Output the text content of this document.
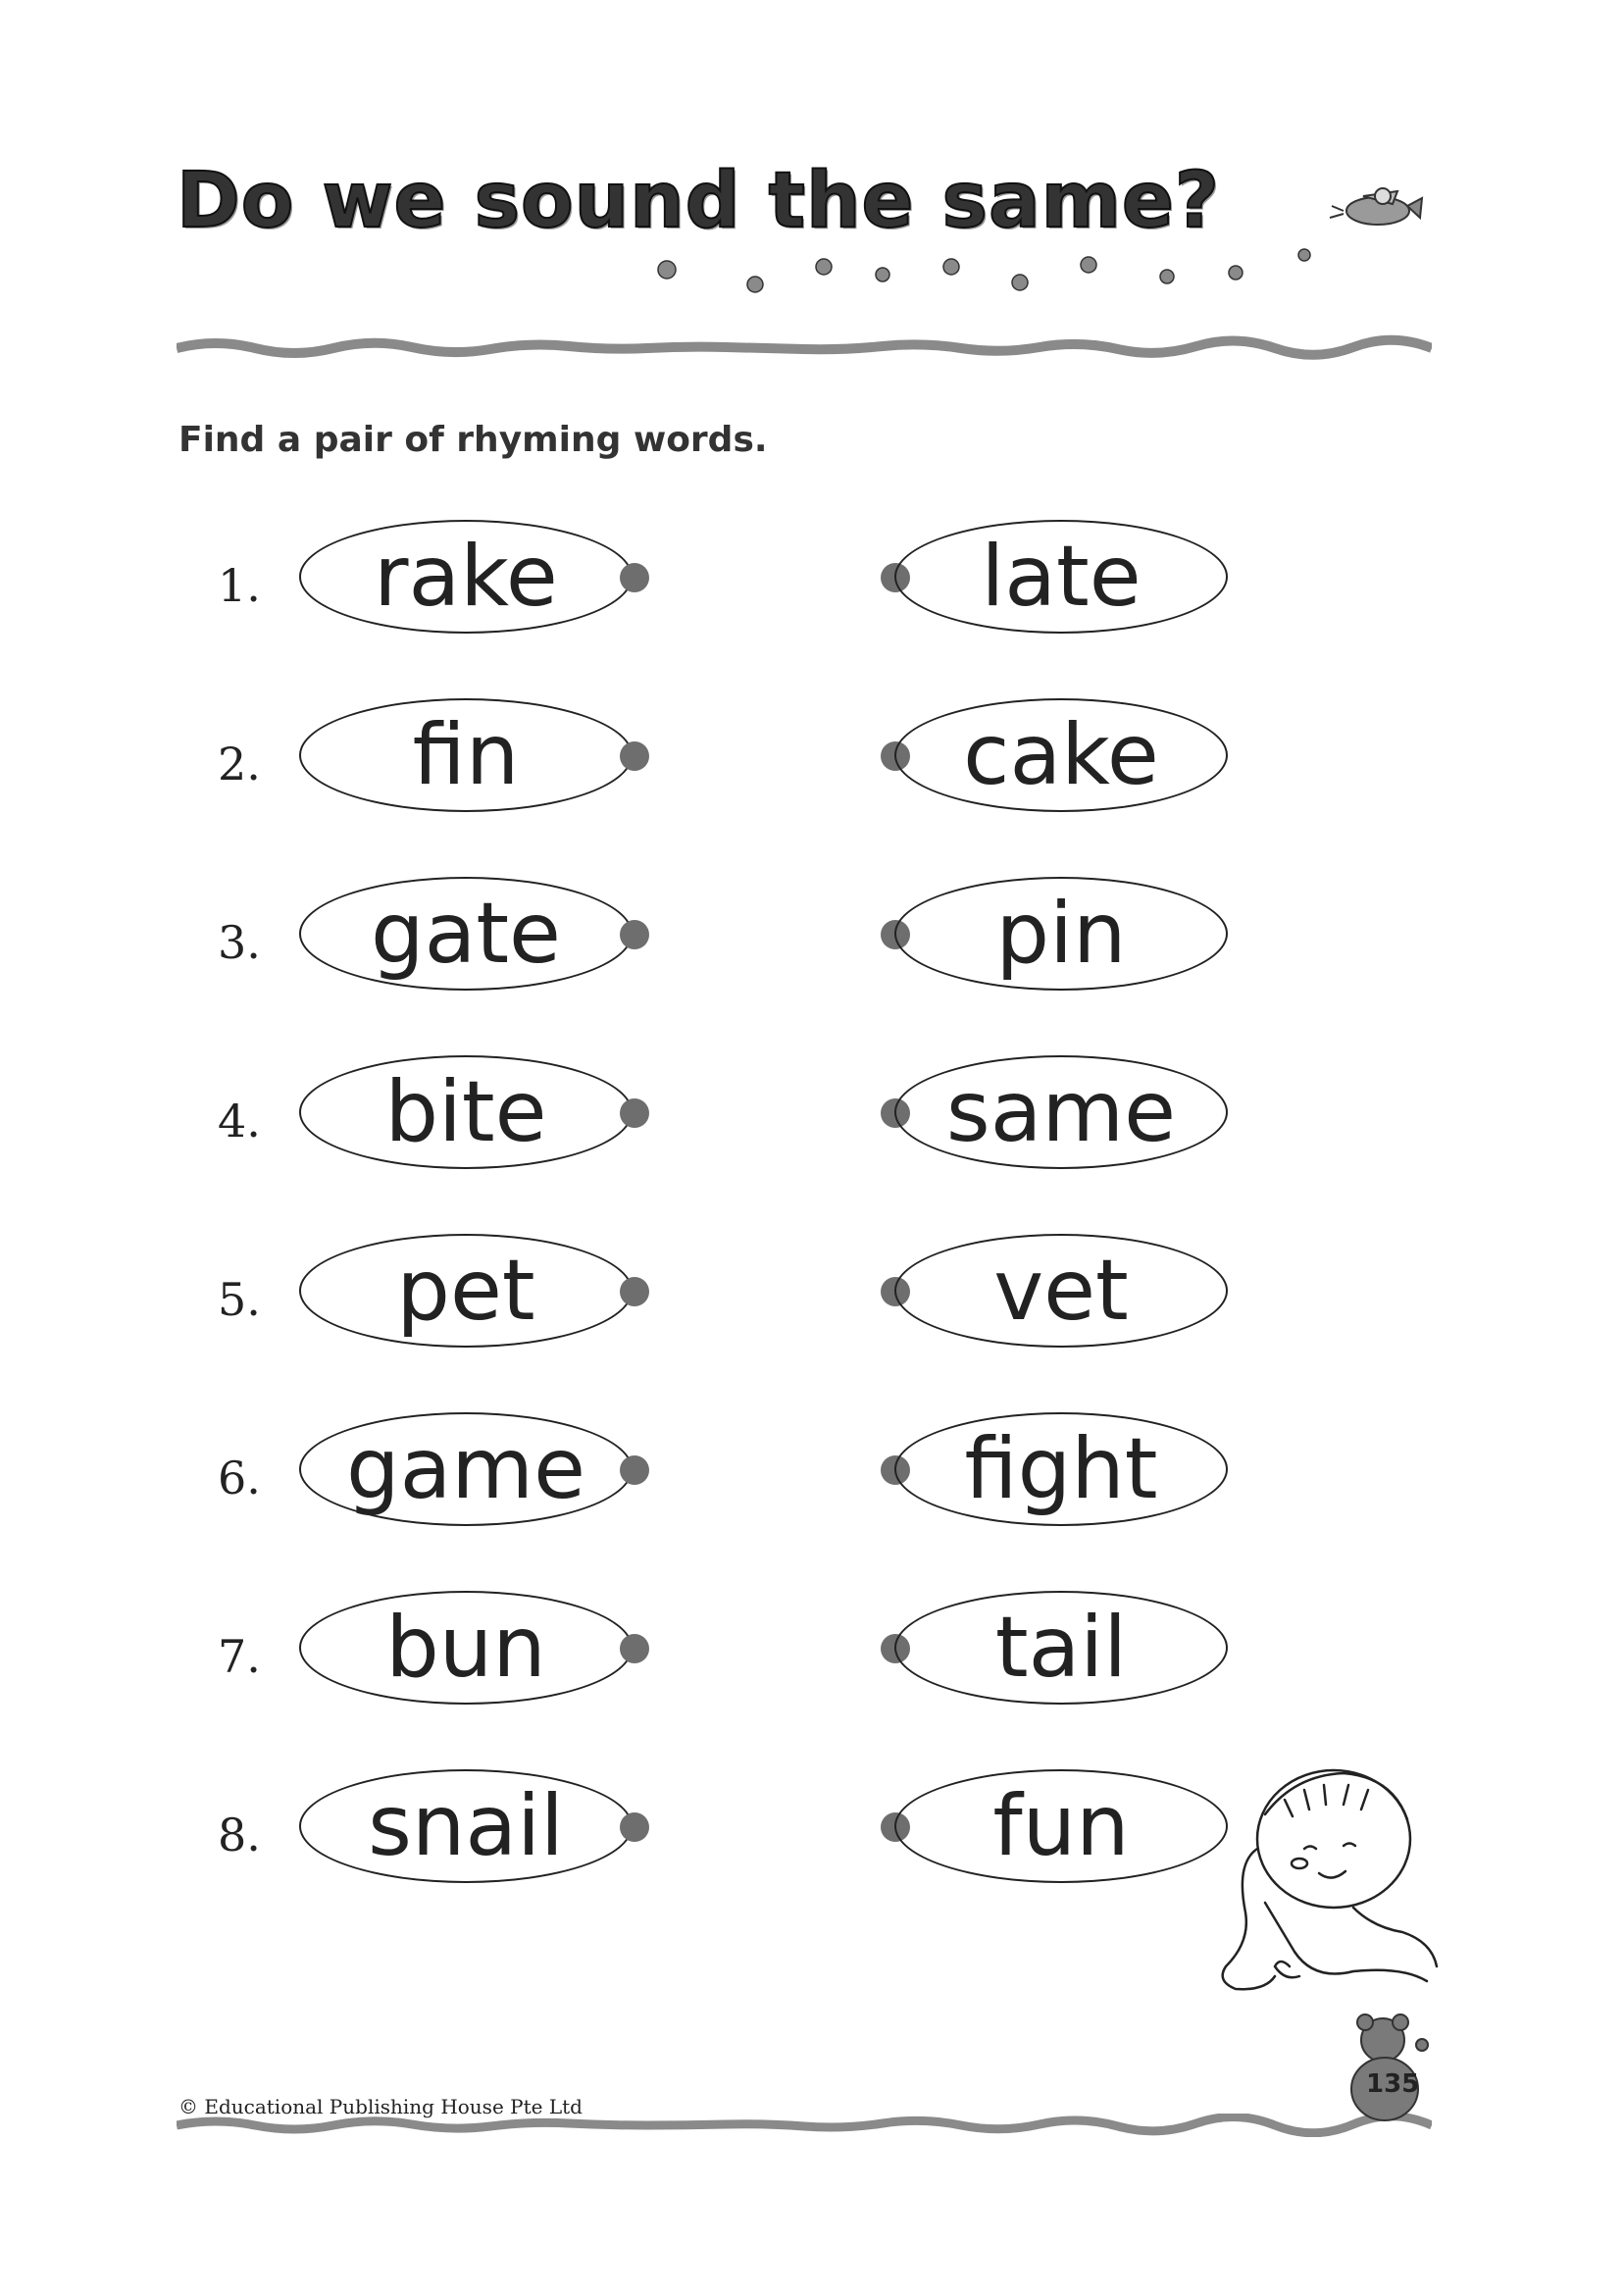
Do we sound the same?
Find a pair of rhyming words.
1.	rake	late
2.	fin	cake
3.	gate	pin
4.	bite	same
5.	pet	vet
6.	game	fight
7.	bun	tail
8.	snail	fun
135
© Educational Publishing House Pte Ltd
